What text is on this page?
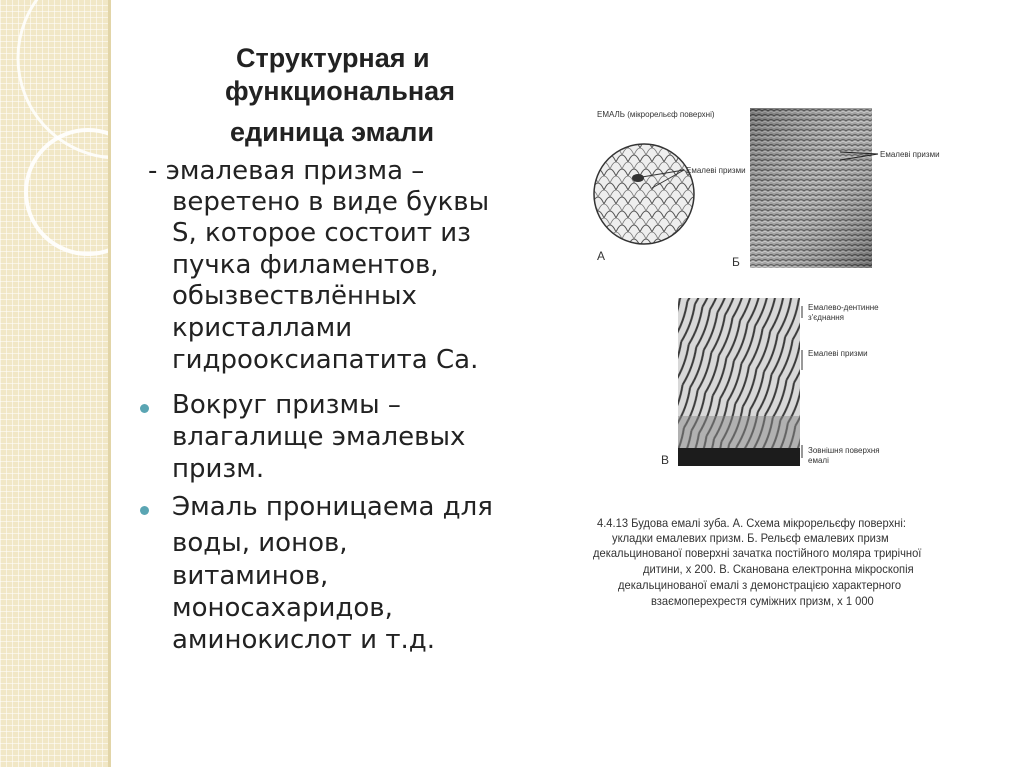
Структурная и
функциональная
единица эмали
- эмалевая призма –
веретено в виде буквы
S, которое состоит из
пучка филаментов,
обызвествлённых
кристаллами
гидрооксиапатита Са.
Вокруг призмы –
влагалище эмалевых
призм.
Эмаль проницаема для
воды, ионов,
витаминов,
моносахаридов,
аминокислот и т.д.
ЕМАЛЬ (мікрорельєф поверхні)
Емалеві призми
А
Емалеві призми
Б
Емалево-дентинне
з'єднання
Емалеві призми
Зовнішня поверхня
емалі
В
4.4.13 Будова емалі зуба. А. Схема мікрорельєфу поверхні:
укладки емалевих призм. Б. Рельєф емалевих призм
декальцинованої поверхні зачатка постійного моляра трирічної
дитини, х 200. В. Сканована електронна мікроскопія
декальцинованої емалі з демонстрацією характерного
взаємоперехрестя суміжних призм, х 1 000
